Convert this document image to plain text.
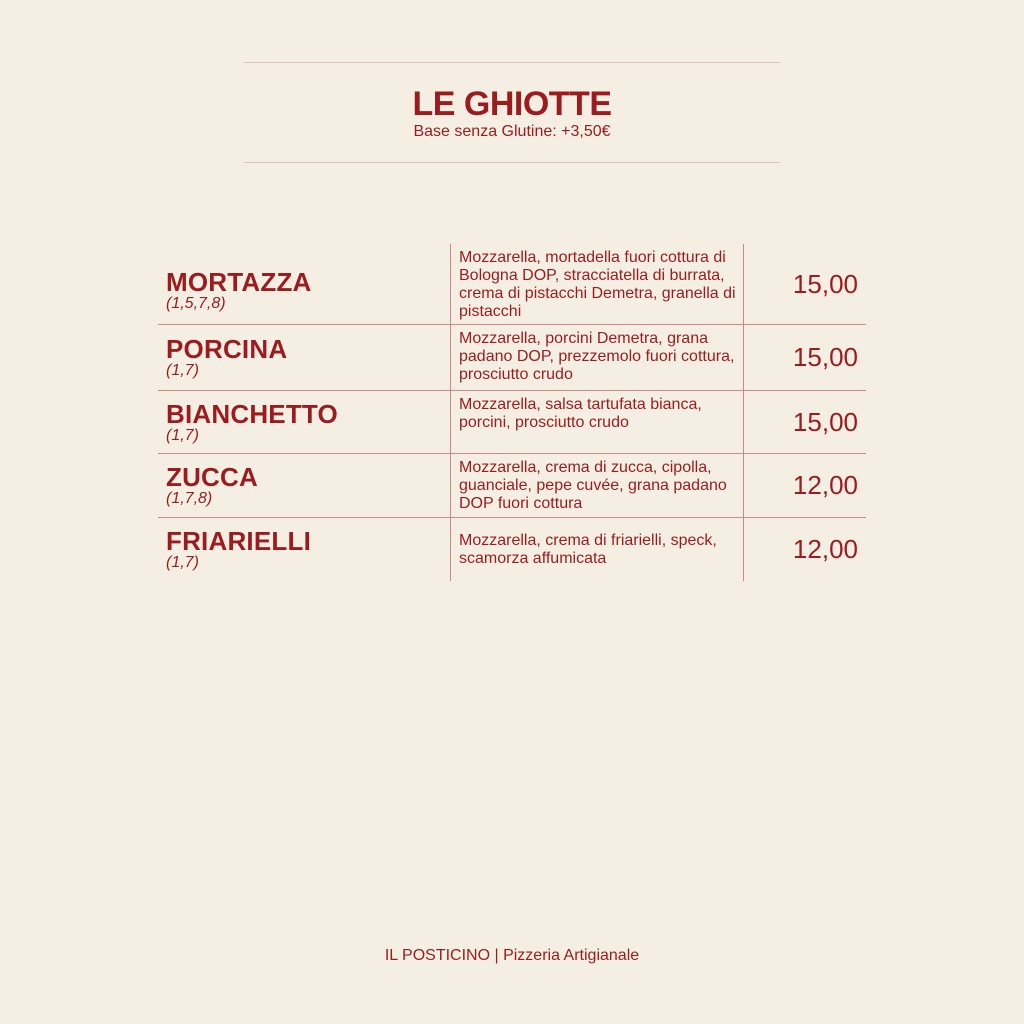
LE GHIOTTE
Base senza Glutine: +3,50€
MORTAZZA
(1,5,7,8)
Mozzarella, mortadella fuori cottura di Bologna DOP, stracciatella di burrata, crema di pistacchi Demetra, granella di pistacchi
15,00
PORCINA
(1,7)
Mozzarella, porcini Demetra, grana padano DOP, prezzemolo fuori cottura, prosciutto crudo
15,00
BIANCHETTO
(1,7)
Mozzarella, salsa tartufata bianca, porcini, prosciutto crudo	15,00
ZUCCA
(1,7,8)
Mozzarella, crema di zucca, cipolla, guanciale, pepe cuvée, grana padano DOP fuori cottura
12,00
FRIARIELLI
(1,7)
Mozzarella, crema di friarielli, speck, scamorza affumicata	12,00
IL POSTICINO | Pizzeria Artigianale
